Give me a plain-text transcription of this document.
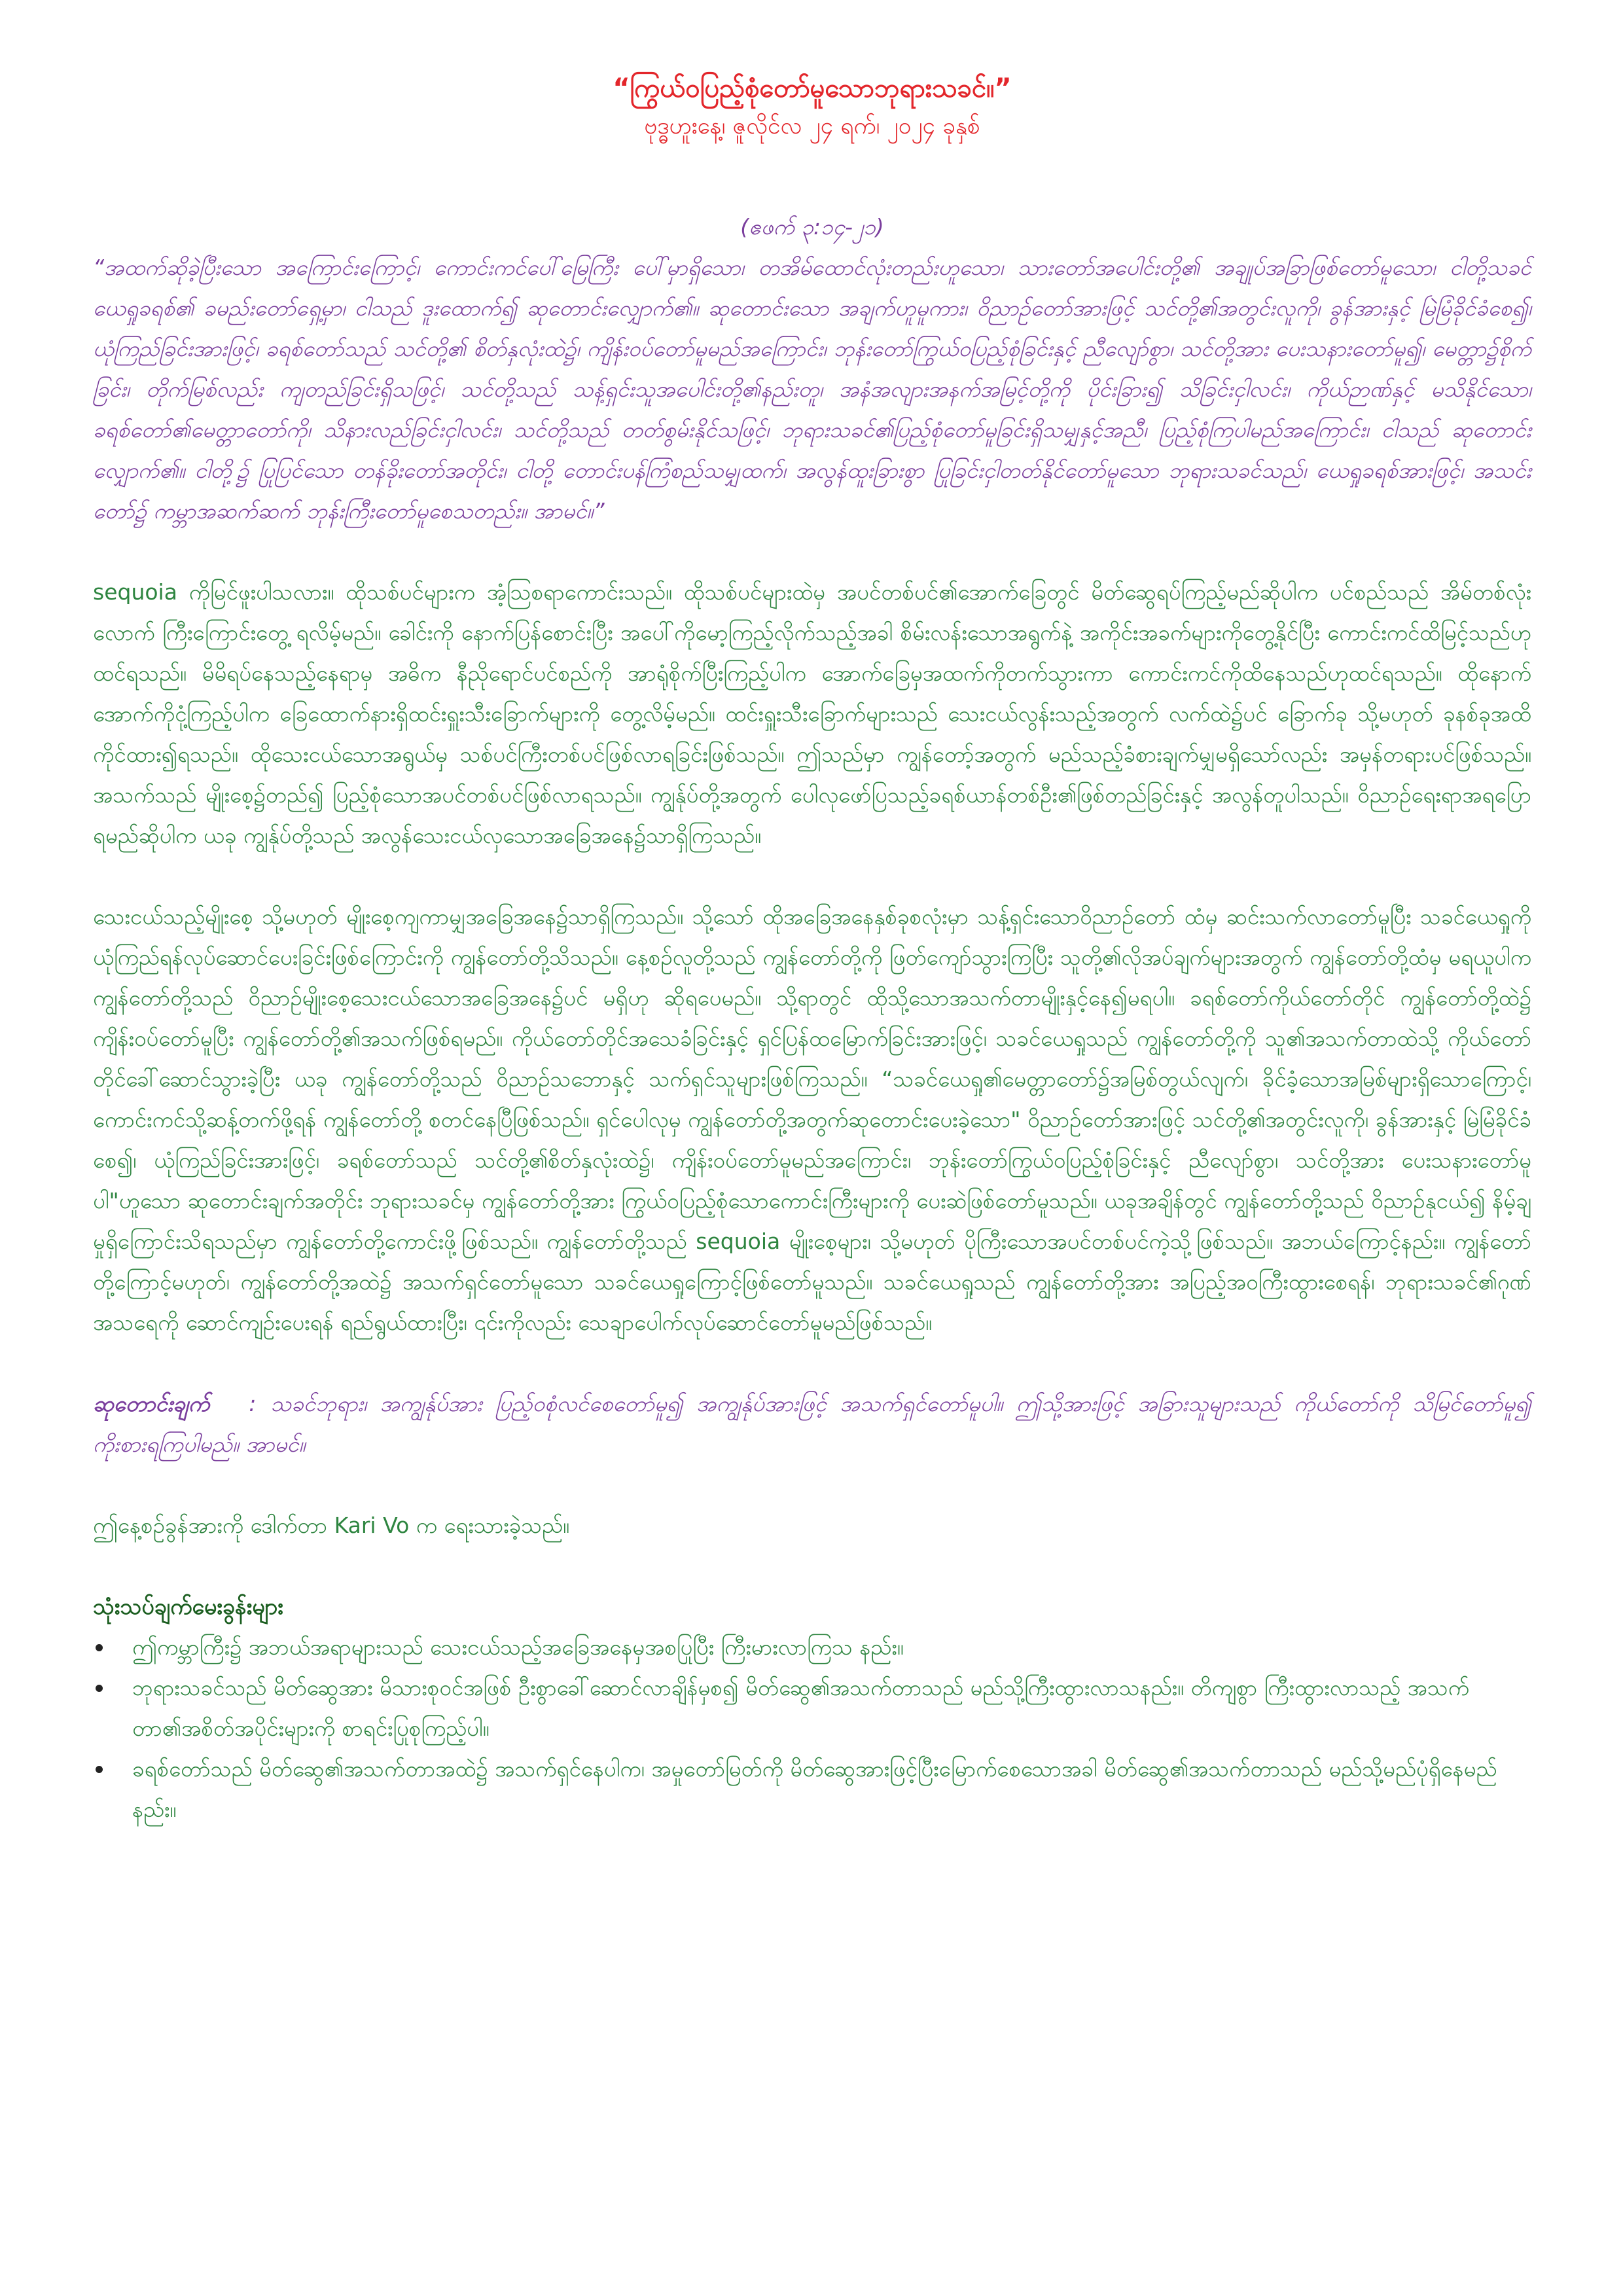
“ကြွယ်ဝပြည့်စုံတော်မူသောဘုရားသခင်။”

ဗုဒ္ဓဟူးနေ့၊ ဇူလိုင်လ ၂၄ ရက်၊ ၂၀၂၄ ခုနှစ်

(ဧဖက် ၃:၁၄-၂၁)

“အထက်ဆိုခဲ့ပြီးသော အကြောင်းကြောင့်၊ ကောင်းကင်ပေါ်မြေကြီး ပေါ်မှာရှိသော၊ တအိမ်ထောင်လုံးတည်းဟူသော၊ သားတော်အပေါင်းတို့၏ အချုပ်အခြာဖြစ်တော်မူသော၊ ငါတို့သခင် ယေရှုခရစ်၏ ခမည်းတော်ရှေ့မှာ၊ ငါသည် ဒူးထောက်၍ ဆုတောင်းလျှောက်၏။ ဆုတောင်းသော အချက်ဟူမူကား၊ ဝိညာဉ်တော်အားဖြင့် သင်တို့၏အတွင်းလူကို၊ ခွန်အားနှင့် မြဲမြံခိုင်ခံစေ၍၊ ယုံကြည်ခြင်းအားဖြင့်၊ ခရစ်တော်သည် သင်တို့၏ စိတ်နှလုံးထဲ၌၊ ကျိန်းဝပ်တော်မူမည်အကြောင်း၊ ဘုန်းတော်ကြွယ်ဝပြည့်စုံခြင်းနှင့် ညီလျော်စွာ၊ သင်တို့အား ပေးသနားတော်မူ၍၊ မေတ္တာ၌စိုက်ခြင်း၊ တိုက်မြစ်လည်း ကျတည်ခြင်းရှိသဖြင့်၊ သင်တို့သည် သန့်ရှင်းသူအပေါင်းတို့၏နည်းတူ၊ အနံအလျားအနက်အမြင့်တို့ကို ပိုင်းခြား၍ သိခြင်းငှါလင်း၊ ကိုယ်ဉာဏ်နှင့် မသိနိုင်သော၊ ခရစ်တော်၏မေတ္တာတော်ကို၊ သိနားလည်ခြင်းငှါလင်း၊ သင်တို့သည် တတ်စွမ်းနိုင်သဖြင့်၊ ဘုရားသခင်၏ပြည့်စုံတော်မူခြင်းရှိသမျှနှင့်အညီ၊ ပြည့်စုံကြပါမည်အကြောင်း၊ ငါသည် ဆုတောင်းလျှောက်၏။ ငါတို့၌ ပြုပြင်သော တန်ခိုးတော်အတိုင်း၊ ငါတို့ တောင်းပန်ကြံစည်သမျှထက်၊ အလွန်ထူးခြားစွာ ပြုခြင်းငှါတတ်နိုင်တော်မူသော ဘုရားသခင်သည်၊ ယေရှုခရစ်အားဖြင့်၊ အသင်းတော်၌ ကမ္ဘာအဆက်ဆက် ဘုန်းကြီးတော်မူစေသတည်း။ အာမင်။”

sequoia ကိုမြင်ဖူးပါသလား။ ထိုသစ်ပင်များက အံ့သြစရာကောင်းသည်။ ထိုသစ်ပင်များထဲမှ အပင်တစ်ပင်၏အောက်ခြေတွင် မိတ်ဆွေရပ်ကြည့်မည်ဆိုပါက ပင်စည်သည် အိမ်တစ်လုံးလောက် ကြီးကြောင်းတွေ့ ရလိမ့်မည်။ ခေါင်းကို နောက်ပြန်စောင်းပြီး အပေါ်ကိုမော့ကြည့်လိုက်သည့်အခါ စိမ်းလန်းသောအရွက်နဲ့ အကိုင်းအခက်များကိုတွေ့နိုင်ပြီး ကောင်းကင်ထိမြင့်သည်ဟု ထင်ရသည်။ မိမိရပ်နေသည့်နေရာမှ အဓိက နီညိုရောင်ပင်စည်ကို အာရုံစိုက်ပြီးကြည့်ပါက အောက်ခြေမှအထက်ကိုတက်သွားကာ ကောင်းကင်ကိုထိနေသည်ဟုထင်ရသည်။ ထိုနောက် အောက်ကိုငုံ့ကြည့်ပါက ခြေထောက်နားရှိထင်းရှူးသီးခြောက်များကို တွေ့လိမ့်မည်။ ထင်းရှူးသီးခြောက်များသည် သေးငယ်လွန်းသည့်အတွက် လက်ထဲ၌ပင် ခြောက်ခု သို့မဟုတ် ခုနစ်ခုအထိ ကိုင်ထား၍ရသည်။ ထိုသေးငယ်သောအရွယ်မှ သစ်ပင်ကြီးတစ်ပင်ဖြစ်လာရခြင်းဖြစ်သည်။ ဤသည်မှာ ကျွန်တော့်အတွက် မည်သည့်ခံစားချက်မျှမရှိသော်လည်း အမှန်တရားပင်ဖြစ်သည်။ အသက်သည် မျိုးစေ့၌တည်၍ ပြည့်စုံသောအပင်တစ်ပင်ဖြစ်လာရသည်။ ကျွန်ုပ်တို့အတွက် ပေါလုဖော်ပြသည့်ခရစ်ယာန်တစ်ဦး၏ဖြစ်တည်ခြင်းနှင့် အလွန်တူပါသည်။ ဝိညာဉ်ရေးရာအရပြောရမည်ဆိုပါက ယခု ကျွန်ုပ်တို့သည် အလွန်သေးငယ်လှသောအခြေအနေ၌သာရှိကြသည်။

သေးငယ်သည့်မျိုးစေ့ သို့မဟုတ် မျိုးစေ့ကျကာမျှအခြေအနေ၌သာရှိကြသည်။ သို့သော် ထိုအခြေအနေနှစ်ခုစလုံးမှာ သန့်ရှင်းသောဝိညာဉ်တော် ထံမှ ဆင်းသက်လာတော်မူပြီး သခင်ယေရှုကို ယုံကြည်ရန်လုပ်ဆောင်ပေးခြင်းဖြစ်ကြောင်းကို ကျွန်တော်တို့သိသည်။ နေ့စဉ်လူတို့သည် ကျွန်တော်တို့ကို ဖြတ်ကျော်သွားကြပြီး သူတို့၏လိုအပ်ချက်များအတွက် ကျွန်တော်တို့ထံမှ မရယူပါက ကျွန်တော်တို့သည် ဝိညာဉ်မျိုးစေ့သေးငယ်သောအခြေအနေ၌ပင် မရှိဟု ဆိုရပေမည်။ သို့ရာတွင် ထိုသို့သောအသက်တာမျိုးနှင့်နေ၍မရပါ။ ခရစ်တော်ကိုယ်တော်တိုင် ကျွန်တော်တို့ထဲ၌ ကျိန်းဝပ်တော်မူပြီး ကျွန်တော်တို့၏အသက်ဖြစ်ရမည်။ ကိုယ်တော်တိုင်အသေခံခြင်းနှင့် ရှင်ပြန်ထမြောက်ခြင်းအားဖြင့်၊ သခင်ယေရှုသည် ကျွန်တော်တို့ကို သူ၏အသက်တာထဲသို့ ကိုယ်တော်တိုင်ခေါ်ဆောင်သွားခဲ့ပြီး ယခု ကျွန်တော်တို့သည် ဝိညာဉ်သဘောနှင့် သက်ရှင်သူများဖြစ်ကြသည်။ “သခင်ယေရှု၏မေတ္တာတော်၌အမြစ်တွယ်လျက်၊ ခိုင်ခံ့သောအမြစ်များရှိသောကြောင့်၊ ကောင်းကင်သို့ဆန့်တက်ဖို့ရန် ကျွန်တော်တို့ စတင်နေပြီဖြစ်သည်။ ရှင်ပေါလုမှ ကျွန်တော်တို့အတွက်ဆုတောင်းပေးခဲ့သော" ဝိညာဉ်တော်အားဖြင့် သင်တို့၏အတွင်းလူကို၊ ခွန်အားနှင့် မြဲမြံခိုင်ခံစေ၍၊ ယုံကြည်ခြင်းအားဖြင့်၊ ခရစ်တော်သည် သင်တို့၏စိတ်နှလုံးထဲ၌၊ ကျိန်းဝပ်တော်မူမည်အကြောင်း၊ ဘုန်းတော်ကြွယ်ဝပြည့်စုံခြင်းနှင့် ညီလျော်စွာ၊ သင်တို့အား ပေးသနားတော်မူပါ"ဟူသော ဆုတောင်းချက်အတိုင်း ဘုရားသခင်မှ ကျွန်တော်တို့အား ကြွယ်ဝပြည့်စုံသောကောင်းကြီးများကို ပေးဆဲဖြစ်တော်မူသည်။ ယခုအချိန်တွင် ကျွန်တော်တို့သည် ဝိညာဉ်နုငယ်၍ နိမ့်ချမှုရှိကြောင်းသိရသည်မှာ ကျွန်တော်တို့ကောင်းဖို့ဖြစ်သည်။ ကျွန်တော်တို့သည် sequoia မျိုးစေ့များ၊ သို့မဟုတ် ပိုကြီးသောအပင်တစ်ပင်ကဲ့သို့ဖြစ်သည်။ အဘယ်ကြောင့်နည်း။ ကျွန်တော်တို့ကြောင့်မဟုတ်၊ ကျွန်တော်တို့အထဲ၌ အသက်ရှင်တော်မူသော သခင်ယေရှုကြောင့်ဖြစ်တော်မူသည်။ သခင်ယေရှုသည် ကျွန်တော်တို့အား အပြည့်အဝကြီးထွားစေရန်၊ ဘုရားသခင်၏ဂုဏ်အသရေကို ဆောင်ကျဉ်းပေးရန် ရည်ရွယ်ထားပြီး၊ ၎င်းကိုလည်း သေချာပေါက်လုပ်ဆောင်တော်မူမည်ဖြစ်သည်။

ဆုတောင်းချက် : သခင်ဘုရား၊ အကျွန်ုပ်အား ပြည့်ဝစုံလင်စေတော်မူ၍ အကျွန်ုပ်အားဖြင့် အသက်ရှင်တော်မူပါ။ ဤသို့အားဖြင့် အခြားသူများသည် ကိုယ်တော်ကို သိမြင်တော်မူ၍ ကိုးစားရကြပါမည်။ အာမင်။

ဤနေ့စဉ်ခွန်အားကို ဒေါက်တာ Kari Vo က ရေးသားခဲ့သည်။

သုံးသပ်ချက်မေးခွန်းများ
ဤကမ္ဘာကြီး၌ အဘယ်အရာများသည် သေးငယ်သည့်အခြေအနေမှအစပြုပြီး ကြီးမားလာကြသ နည်း။
ဘုရားသခင်သည် မိတ်ဆွေအား မိသားစုဝင်အဖြစ် ဦးစွာခေါ်ဆောင်လာချိန်မှစ၍ မိတ်ဆွေ၏အသက်တာသည် မည်သို့ကြီးထွားလာသနည်း။ တိကျစွာ ကြီးထွားလာသည့် အသက်တာ၏အစိတ်အပိုင်းများကို စာရင်းပြုစုကြည့်ပါ။
ခရစ်တော်သည် မိတ်ဆွေ၏အသက်တာအထဲ၌ အသက်ရှင်နေပါက၊ အမှုတော်မြတ်ကို မိတ်ဆွေအားဖြင့်ပြီးမြောက်စေသောအခါ မိတ်ဆွေ၏အသက်တာသည် မည်သို့မည်ပုံရှိနေမည်နည်း။
